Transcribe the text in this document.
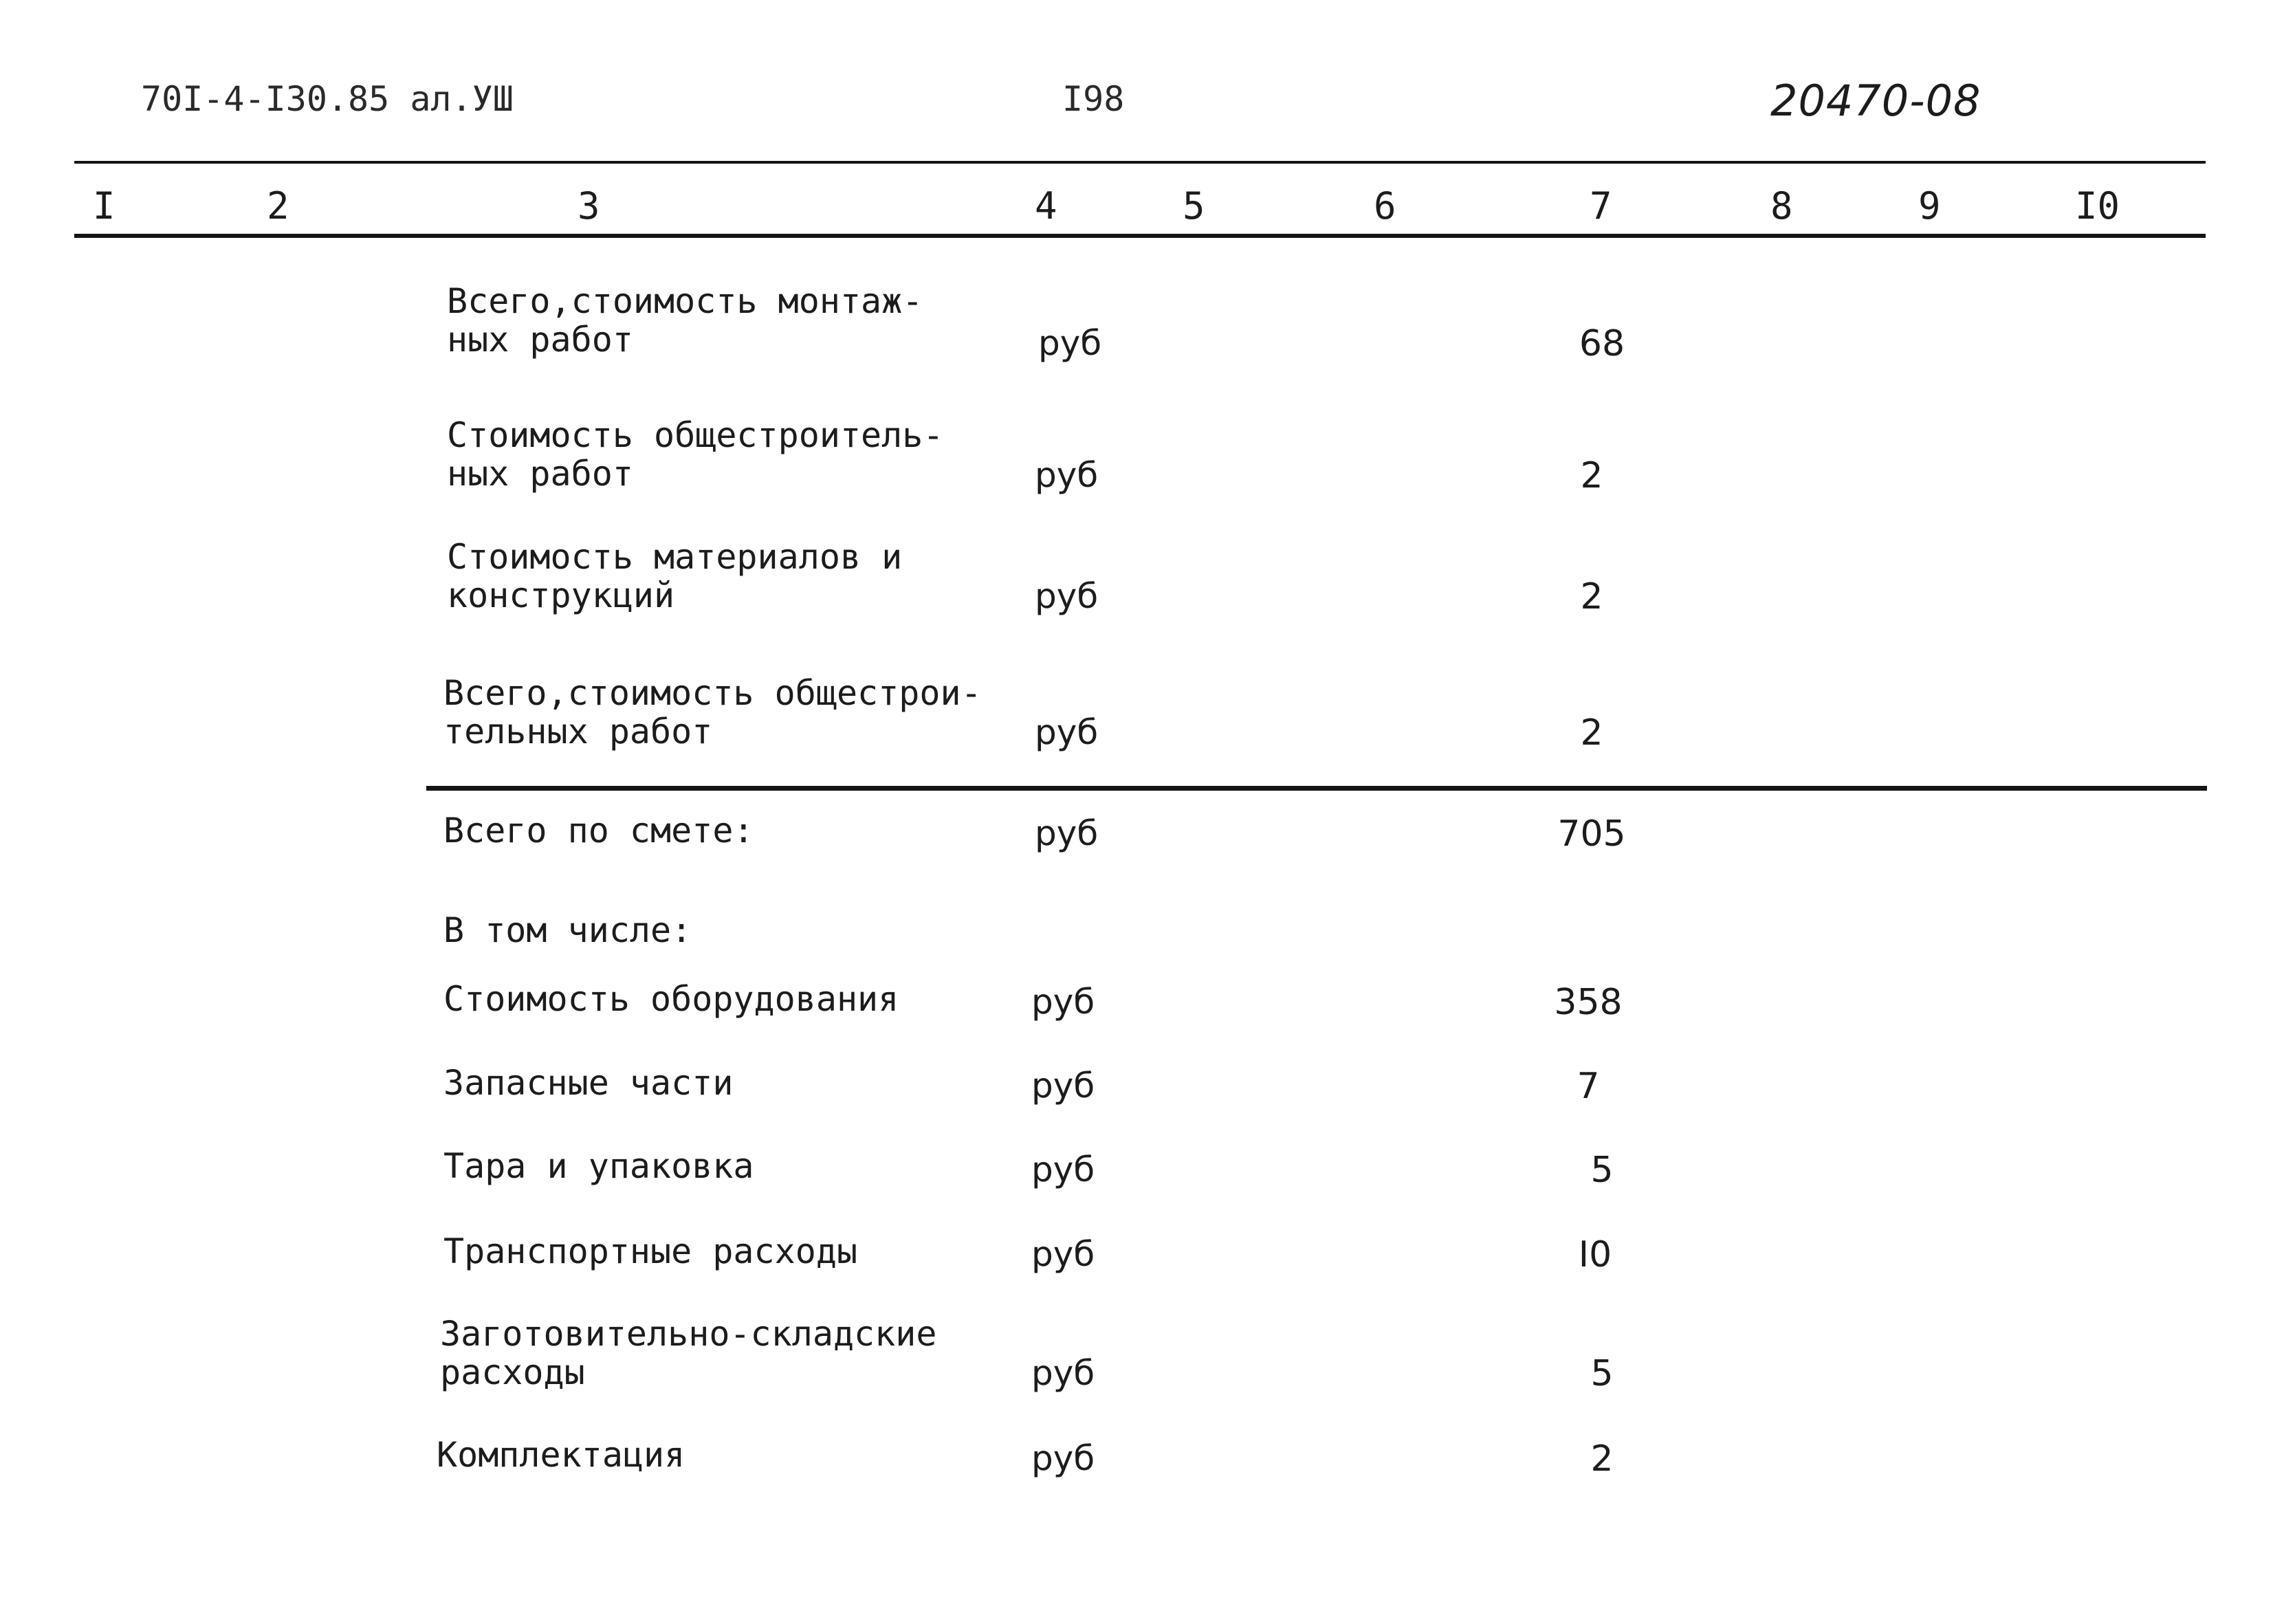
70I-4-I30.85 ал.УШ	I98	20470-08
I	2	3	4	5	6	7	8	9	I0
Всего,стоимость монтаж-
ных работ	руб	68
Стоимость общестроитель-
ных работ	руб	2
Стоимость материалов и
конструкций	руб	2
Всего,стоимость общестрои-
тельных работ	руб	2
Всего по смете:	руб	705
В том числе:
Стоимость оборудования	руб	358
Запасные части	руб	7
Тара и упаковка	руб	5
Транспортные расходы	руб	I0
Заготовительно-складские
расходы	руб	5
Комплектация	руб	2
